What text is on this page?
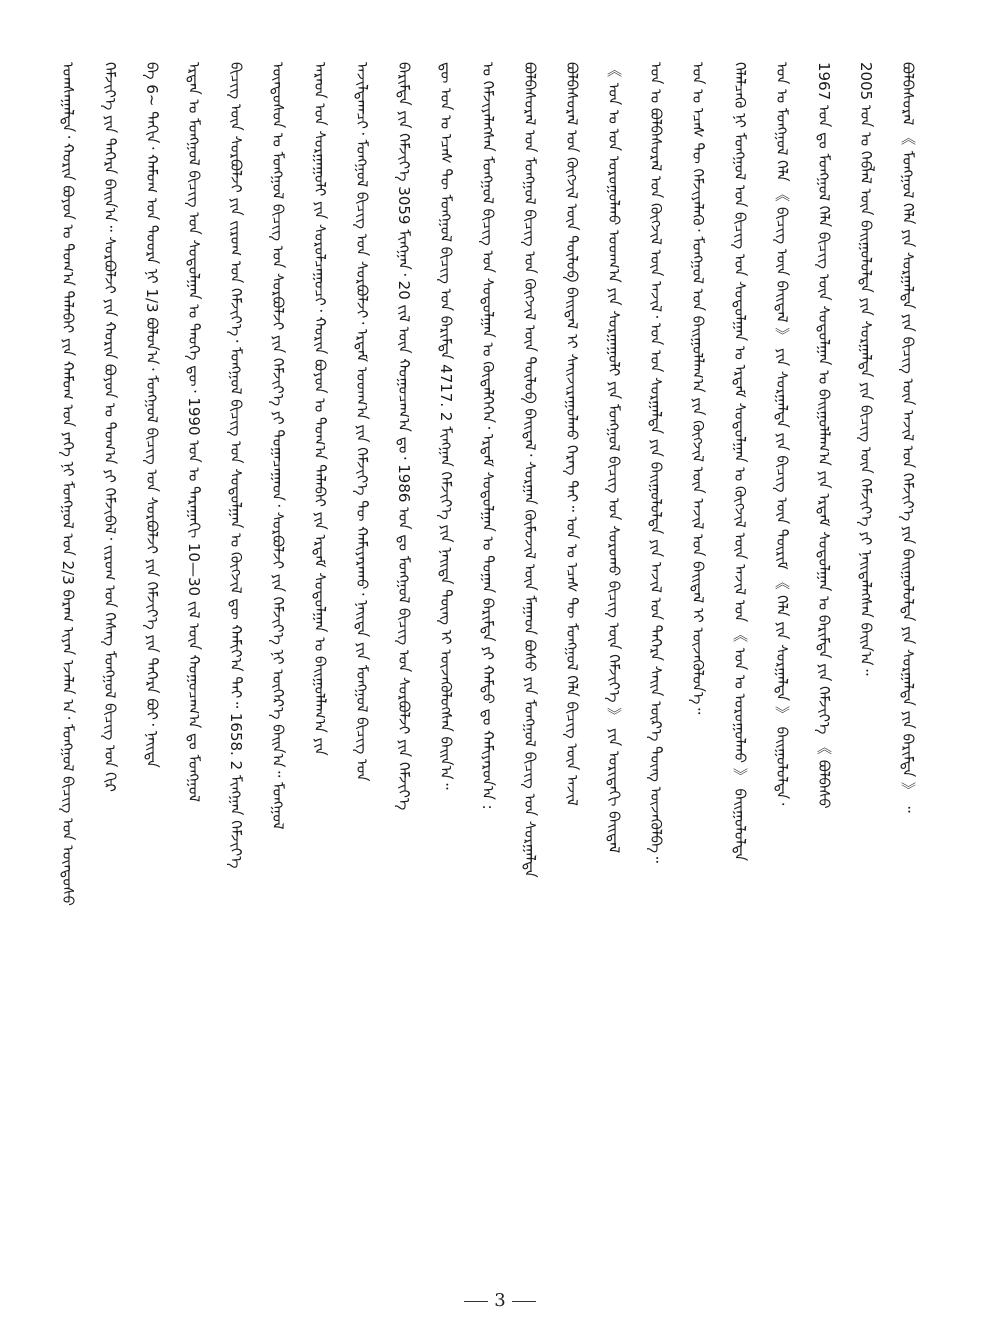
ᠤᠭᠰᠠᠭᠠᠯᠲᠠ᠂ ᠬᠣᠷᠢᠨ ᠪᠣᠶᠣᠨ ᠤ ᠲᠣᠭ᠎ᠠ ᠲᠠᠯᠠᠪᠠᠢ ᠶᠢᠨ ᠬᠠᠮᠤᠭ ᠤᠨ ᠶᠡᠬᠡ ᠨᠢ ᠮᠣᠩᠭᠣᠯ ᠤᠨ 2/3 ᠪᠠᠷᠠᠭ ᠢᠶᠠᠨ ᠡᠵᠡᠯᠡᠨ ᠠ᠂ ᠮᠣᠩᠭᠣᠯ ᠪᠢᠴᠢᠭ ᠤᠨ ᠦᠨᠳᠦᠰᠦ ᠬᠡᠮᠵᠢᠶ᠎ᠡ ᠶᠢᠨ ᠳᠡᠭᠡᠷᠡ ᠪᠠᠢᠨ᠎ᠠ᠃ ᠰᠣᠷᠪᠣᠯᠵᠢ ᠶᠢᠨ ᠬᠣᠷᠢᠨ ᠪᠣᠶᠣᠨ ᠤ ᠲᠣᠭ᠎ᠠ ᠶᠢ ᠬᠡᠮᠵᠢᠪᠡᠯ᠂ ᠵᠢᠷᠤᠭ ᠤᠨ ᠬᠡᠰᠡᠭ ᠮᠣᠩᠭᠣᠯ ᠪᠢᠴᠢᠭ ᠤᠨ ᠬᠢᠷ ᠪᠠ 6~ ᠳᠠᠬᠢᠨ᠂ ᠬᠠᠮᠤᠭ ᠤᠨ ᠳᠣᠣᠷᠠ ᠨᠢ 1/3 ᠪᠣᠯᠤᠨ᠎ᠠ᠂ ᠮᠣᠩᠭᠣᠯ ᠪᠢᠴᠢᠭ ᠤᠨ ᠰᠣᠷᠪᠣᠯᠵᠢ ᠶᠢᠨ ᠬᠡᠮᠵᠢᠶ᠎ᠡ ᠶᠢᠨ ᠳᠡᠭᠡᠷᠡ ᠪᠤᠢ᠂ ᠨᠡᠢᠲᠡ ᠡᠷᠲᠡᠨ ᠤ ᠮᠣᠩᠭᠣᠯ ᠪᠢᠴᠢᠭ ᠤᠨ ᠰᠤᠳᠤᠯᠭᠠᠨ ᠤ ᠲᠡᠦᠬᠡ ᠳᠦ᠂ 1990 ᠣᠨ ᠤ ᠳᠠᠷᠠᠭᠠᠬᠢ 10—30 ᠵᠢᠯ ᠦᠨ ᠬᠤᠭᠤᠴᠠᠭ᠎ᠠ ᠳᠤ ᠮᠣᠩᠭᠣᠯ ᠪᠢᠴᠢᠭ ᠦᠨ ᠰᠣᠷᠪᠣᠯᠵᠢ ᠶᠢᠨ ᠵᠢᠷᠤᠭ ᠤᠨ ᠬᠡᠮᠵᠢᠶ᠎ᠡ᠂ ᠮᠣᠩᠭᠣᠯ ᠪᠢᠴᠢᠭ ᠤᠨ ᠰᠤᠳᠤᠯᠭᠠᠨ ᠤ ᠬᠥᠭᠵᠢᠯ ᠳᠦ ᠬᠠᠮᠢᠶ᠎ᠠ ᠲᠠᠢ᠃ 1658. 2 ᠮᠢᠩᠭᠠᠨ ᠬᠡᠮᠵᠢᠶ᠎ᠡ ᠦᠨᠳᠦᠰᠦᠨ ᠤ ᠮᠣᠩᠭᠣᠯ ᠪᠢᠴᠢᠭ ᠤᠨ ᠰᠣᠷᠪᠣᠯᠵᠢ ᠶᠢᠨ ᠬᠡᠮᠵᠢᠶ᠎ᠡ ᠶᠢ ᠲᠣᠭᠠᠴᠠᠭᠠᠳ᠂ ᠰᠣᠷᠪᠣᠯᠵᠢ ᠶᠢᠨ ᠬᠡᠮᠵᠢᠶ᠎ᠡ ᠨᠢ ᠥᠭᠡᠷ᠎ᠡ ᠪᠠᠢᠨ᠎ᠠ᠃ ᠮᠣᠩᠭᠣᠯ ᠠᠷᠠᠳ ᠤᠨ ᠰᠤᠷᠭᠠᠭᠤᠯᠢ ᠶᠢᠨ ᠰᠤᠷᠤᠯᠴᠠᠭᠤᠴᠢ᠂ ᠬᠣᠷᠢᠨ ᠪᠣᠶᠣᠨ ᠤ ᠲᠣᠭ᠎ᠠ ᠲᠠᠯᠠᠪᠠᠢ ᠶᠢᠨ ᠡᠷᠳᠡᠮ ᠰᠤᠳᠤᠯᠭᠠᠨ ᠤ ᠪᠠᠢᠭᠤᠯᠯᠠᠭ᠎ᠠ ᠶᠢᠨ ᠠᠵᠢᠯᠳᠠᠭᠴᠢ᠂ ᠮᠣᠩᠭᠣᠯ ᠪᠢᠴᠢᠭ ᠤᠨ ᠰᠣᠷᠪᠣᠯᠵᠢ᠂ ᠡᠷᠳᠡᠮ ᠤᠳᠬ᠎ᠠ ᠶᠢᠨ ᠬᠡᠮᠵᠢᠶ᠎ᠡ ᠲᠦ ᠬᠠᠮᠢᠶᠠᠷᠠᠬᠤ᠂ ᠨᠡᠢᠲᠡ ᠶᠢᠨ ᠮᠣᠩᠭᠣᠯ ᠪᠢᠴᠢᠭ ᠤᠨ ᠪᠠᠷᠢᠮᠲᠠ ᠶᠢᠨ ᠬᠡᠮᠵᠢᠶ᠎ᠡ 3059 ᠮᠢᠩᠭᠠᠨ᠂ 20 ᠵᠢᠯ ᠦᠨ ᠬᠤᠭᠤᠴᠠᠭ᠎ᠠ ᠳᠤ᠂ 1986 ᠣᠨ ᠳᠤ ᠮᠣᠩᠭᠣᠯ ᠪᠢᠴᠢᠭ ᠤᠨ ᠰᠣᠷᠪᠣᠯᠵᠢ ᠶᠢᠨ ᠬᠡᠮᠵᠢᠶ᠎ᠡ ᠳᠦ ᠣᠨ ᠤ ᠡᠴᠡᠰ ᠲᠦ ᠮᠣᠩᠭᠣᠯ ᠪᠢᠴᠢᠭ ᠤᠨ ᠪᠠᠷᠢᠮᠲᠠ 4717. 2 ᠮᠢᠩᠭᠠᠨ ᠬᠡᠮᠵᠢᠶ᠎ᠡ ᠶᠢᠨ ᠨᠡᠢᠲᠡ ᠳᠦᠩ ᠢ ᠦᠵᠡᠭᠦᠯᠦᠭᠰᠡᠨ ᠪᠠᠢᠨ᠎ᠠ᠃ ᠣ ᠬᠡᠮᠵᠢᠶᠡᠯᠡᠭᠰᠡᠨ ᠮᠣᠩᠭᠣᠯ ᠪᠢᠴᠢᠭ ᠤᠨ ᠰᠤᠳᠤᠯᠭᠠᠨ ᠤ ᠬᠥᠳᠡᠯᠭᠡᠭᠡᠨ᠂ ᠡᠷᠳᠡᠮ ᠰᠤᠳᠤᠯᠭᠠᠨ ᠤ ᠲᠣᠭᠠᠨ ᠪᠠᠷᠢᠮᠲᠠ ᠶᠢ ᠬᠠᠮᠲᠤ ᠳᠤ ᠬᠠᠮᠢᠶᠠᠷᠤᠨ᠎ᠠ : ᠪᠣᠯᠪᠠᠰᠤᠷᠠᠯ ᠤᠨ ᠮᠣᠩᠭᠣᠯ ᠪᠢᠴᠢᠭ ᠤᠨ ᠬᠥᠭᠵᠢᠯ ᠦᠨ ᠲᠦᠯᠦᠪ ᠪᠠᠢᠳᠠᠯ᠂ ᠰᠤᠷᠭᠠᠨ ᠬᠥᠮᠦᠵᠢᠯ ᠦᠨ ᠮᠠᠭᠠᠳ ᠪᠤᠰᠤ ᠶᠢᠨ ᠮᠣᠩᠭᠣᠯ ᠪᠢᠴᠢᠭ ᠤᠨ ᠰᠤᠷᠭᠠᠯᠲᠠ ᠪᠣᠯᠪᠠᠰᠤᠷᠠᠯ ᠤᠨ ᠬᠥᠭᠵᠢᠯ ᠦᠨ ᠲᠦᠯᠦᠪ ᠪᠠᠢᠳᠠᠯ ᠢ ᠰᠠᠢᠵᠢᠷᠠᠭᠤᠯᠬᠤ ᠬᠡᠷᠡᠭ ᠲᠡᠢ᠃ ᠣᠨ ᠤ ᠡᠴᠡᠰ ᠲᠦ ᠮᠣᠩᠭᠣᠯ ᠬᠡᠯᠡ ᠪᠢᠴᠢᠭ ᠦᠨ ᠠᠵᠢᠯ 《 ᠤᠨ ᠤ ᠣᠨ ᠣᠷᠣᠭᠤᠯᠬᠤ ᠤᠳᠬ᠎ᠠ ᠶᠢᠨ ᠰᠤᠷᠭᠠᠭᠤᠯᠢ ᠶᠢᠨ ᠮᠣᠩᠭᠣᠯ ᠪᠢᠴᠢᠭ ᠤᠨ ᠰᠤᠷᠤᠬᠤ ᠪᠢᠴᠢᠭ ᠦᠨ ᠬᠡᠮᠵᠢᠶ᠎ᠡ 》 ᠶᠢᠨ ᠤᠷᠢᠳᠠᠬᠢ ᠪᠠᠢᠳᠠᠯ ᠣᠨ ᠤ ᠪᠣᠯᠪᠠᠰᠤᠷᠠᠯ ᠤᠨ ᠬᠥᠭᠵᠢᠯ ᠦᠨ ᠠᠵᠢᠯ᠂ ᠤᠨ ᠤᠨ ᠰᠤᠷᠭᠠᠯᠲᠠ ᠶᠢᠨ ᠪᠠᠢᠭᠤᠯᠤᠯᠲᠠ ᠶᠢᠨ ᠠᠵᠢᠯ ᠤᠨ ᠳᠡᠭᠡᠷᠡ ᠰᠠᠢᠨ ᠦᠷ᠎ᠡ ᠳᠦᠩ ᠦᠵᠡᠭᠦᠯᠪᠡ᠃ ᠣᠨ ᠤ ᠡᠴᠡᠰ ᠲᠦ ᠬᠡᠮᠵᠢᠶᠡᠯᠡᠬᠦ᠂ ᠮᠣᠩᠭᠣᠯ ᠤᠨ ᠪᠠᠢᠭᠤᠯᠯᠠᠭ᠎ᠠ ᠶᠢᠨ ᠬᠥᠭᠵᠢᠯ ᠦᠨ ᠠᠵᠢᠯ ᠤᠨ ᠪᠠᠢᠳᠠᠯ ᠢ ᠦᠵᠡᠭᠦᠯᠦᠨ᠎ᠡ᠃ ᠬᠡᠯᠡᠯᠴᠡᠬᠦ ᠨᠢ ᠮᠣᠩᠭᠣᠯ ᠤᠨ ᠪᠢᠴᠢᠭ ᠤᠨ ᠰᠤᠳᠤᠯᠭᠠᠨ ᠤ ᠡᠷᠳᠡᠮ ᠰᠤᠳᠤᠯᠭᠠᠨ ᠤ ᠬᠥᠭᠵᠢᠯ ᠦᠨ ᠠᠵᠢᠯ ᠤᠨ 《 ᠣᠨ ᠤ ᠣᠷᠣᠭᠤᠯᠬᠤ 》 ᠪᠠᠢᠭᠤᠯᠤᠯᠲᠠ ᠣᠨ ᠤ ᠮᠣᠩᠭᠣᠯ ᠬᠡᠯᠡ 《 ᠪᠢᠴᠢᠭ ᠦᠨ ᠪᠠᠢᠳᠠᠯ 》 ᠶᠢᠨ ᠰᠤᠷᠭᠠᠯᠲᠠ ᠶᠢᠨ ᠪᠢᠴᠢᠭ ᠦᠨ ᠳᠦᠷᠢᠮ 《 ᠬᠡᠯᠡ ᠶᠢᠨ ᠰᠤᠷᠭᠠᠯᠲᠠ 》 ᠪᠠᠢᠭᠤᠯᠤᠯᠲᠠ᠂ 1967 ᠣᠨ ᠳᠤ ᠮᠣᠩᠭᠣᠯ ᠬᠡᠯᠡ ᠪᠢᠴᠢᠭ ᠦᠨ ᠰᠤᠳᠤᠯᠭᠠᠨ ᠤ ᠪᠠᠢᠭᠤᠯᠯᠠᠭ᠎ᠠ ᠶᠢᠨ ᠡᠷᠳᠡᠮ ᠰᠤᠳᠤᠯᠭᠠᠨ ᠤ ᠪᠠᠷᠢᠮᠲᠠ ᠶᠢᠨ ᠬᠡᠮᠵᠢᠶ᠎ᠡ 《 ᠪᠣᠯᠪᠠᠰᠤ 2005 ᠣᠨ ᠤ ᠬᠡᠪᠯᠡᠯ ᠦᠨ ᠪᠠᠢᠭᠤᠯᠤᠯᠲᠠ ᠶᠢᠨ ᠰᠤᠷᠭᠠᠯᠲᠠ ᠶᠢᠨ ᠪᠢᠴᠢᠭ ᠦᠨ ᠬᠡᠮᠵᠢᠶ᠎ᠡ ᠶᠢ ᠨᠡᠢᠲᠡᠯᠡᠭᠰᠡᠨ ᠪᠠᠢᠨ᠎ᠠ᠃ ᠪᠣᠯᠪᠠᠰᠤᠷᠠᠯ 《 ᠮᠣᠩᠭᠣᠯ ᠬᠡᠯᠡ ᠶᠢᠨ ᠰᠤᠷᠭᠠᠯᠲᠠ ᠶᠢᠨ ᠪᠢᠴᠢᠭ ᠦᠨ ᠠᠵᠢᠯ ᠤᠨ ᠬᠡᠮᠵᠢᠶ᠎ᠡ ᠶᠢᠨ ᠪᠠᠢᠭᠤᠯᠤᠯᠲᠠ ᠶᠢᠨ ᠰᠤᠷᠭᠠᠯᠲᠠ ᠶᠢᠨ ᠪᠠᠷᠢᠮᠲᠠ 》 ᠃
3
